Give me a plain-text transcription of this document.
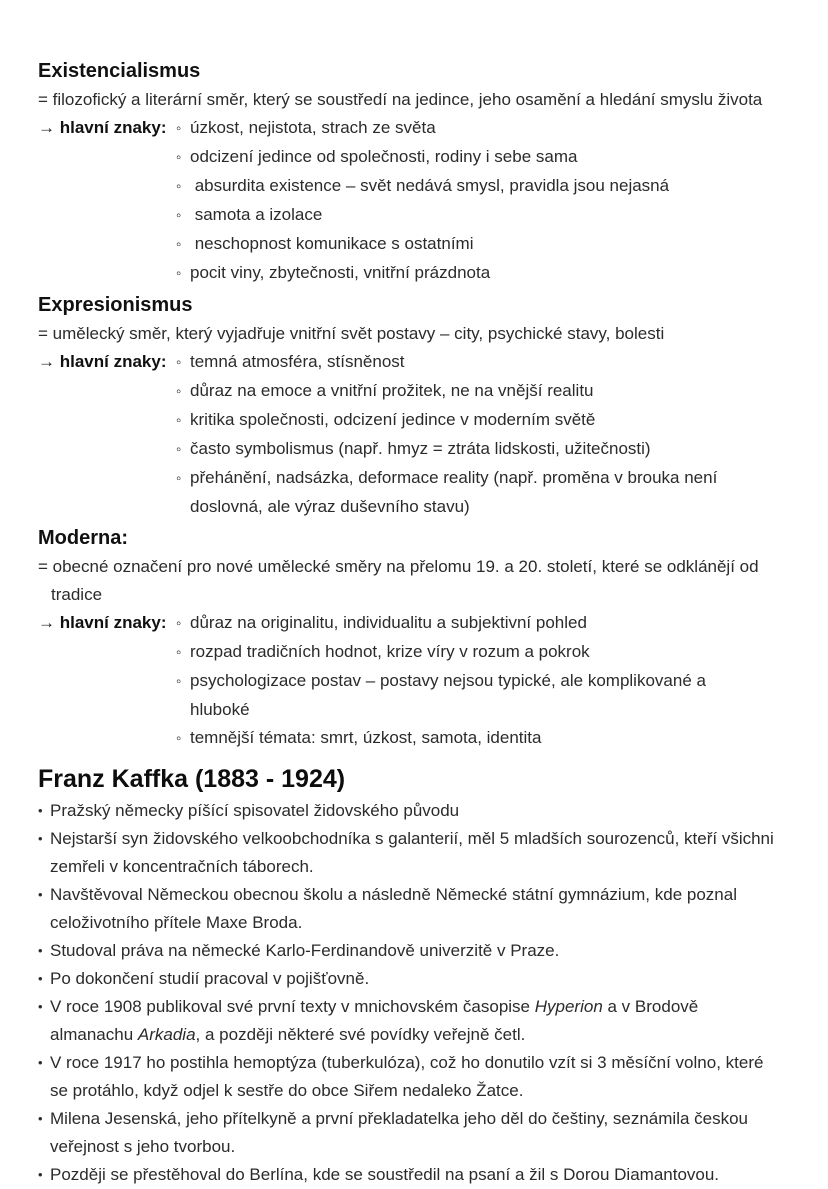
Existencialismus

= filozofický a literární směr, který se soustředí na jedince, jeho osamění a hledání smyslu života

→ hlavní znaky: ◦ úzkost, nejistota, strach ze světa
◦ odcizení jedince od společnosti, rodiny i sebe sama
◦ absurdita existence – svět nedává smysl, pravidla jsou nejasná
◦ samota a izolace
◦ neschopnost komunikace s ostatními
◦ pocit viny, zbytečnosti, vnitřní prázdnota
Expresionismus

= umělecký směr, který vyjadřuje vnitřní svět postavy – city, psychické stavy, bolesti

→ hlavní znaky: ◦ temná atmosféra, stísněnost
◦ důraz na emoce a vnitřní prožitek, ne na vnější realitu
◦ kritika společnosti, odcizení jedince v moderním světě
◦ často symbolismus (např. hmyz = ztráta lidskosti, užitečnosti)
◦ přehánění, nadsázka, deformace reality (např. proměna v brouka není doslovná, ale výraz duševního stavu)
Moderna:

= obecné označení pro nové umělecké směry na přelomu 19. a 20. století, které se odklánějí od tradice

→ hlavní znaky: ◦ důraz na originalitu, individualitu a subjektivní pohled
◦ rozpad tradičních hodnot, krize víry v rozum a pokrok
◦ psychologizace postav – postavy nejsou typické, ale komplikované a hluboké
◦ temnější témata: smrt, úzkost, samota, identita
Franz Kaffka (1883 - 1924)
• Pražský německy píšící spisovatel židovského původu
• Nejstarší syn židovského velkoobchodníka s galanterií, měl 5 mladších sourozenců, kteří všichni zemřeli v koncentračních táborech.
• Navštěvoval Německou obecnou školu a následně Německé státní gymnázium, kde poznal celoživotního přítele Maxe Broda.
• Studoval práva na německé Karlo-Ferdinandově univerzitě v Praze.
• Po dokončení studií pracoval v pojišťovně.
• V roce 1908 publikoval své první texty v mnichovském časopise Hyperion a v Brodově almanachu Arkadia, a později některé své povídky veřejně četl.
• V roce 1917 ho postihla hemoptýza (tuberkulóza), což ho donutilo vzít si 3 měsíční volno, které se protáhlo, když odjel k sestře do obce Siřem nedaleko Žatce.
• Milena Jesenská, jeho přítelkyně a první překladatelka jeho děl do češtiny, seznámila českou veřejnost s jeho tvorbou.
• Později se přestěhoval do Berlína, kde se soustředil na psaní a žil s Dorou Diamantovou.
